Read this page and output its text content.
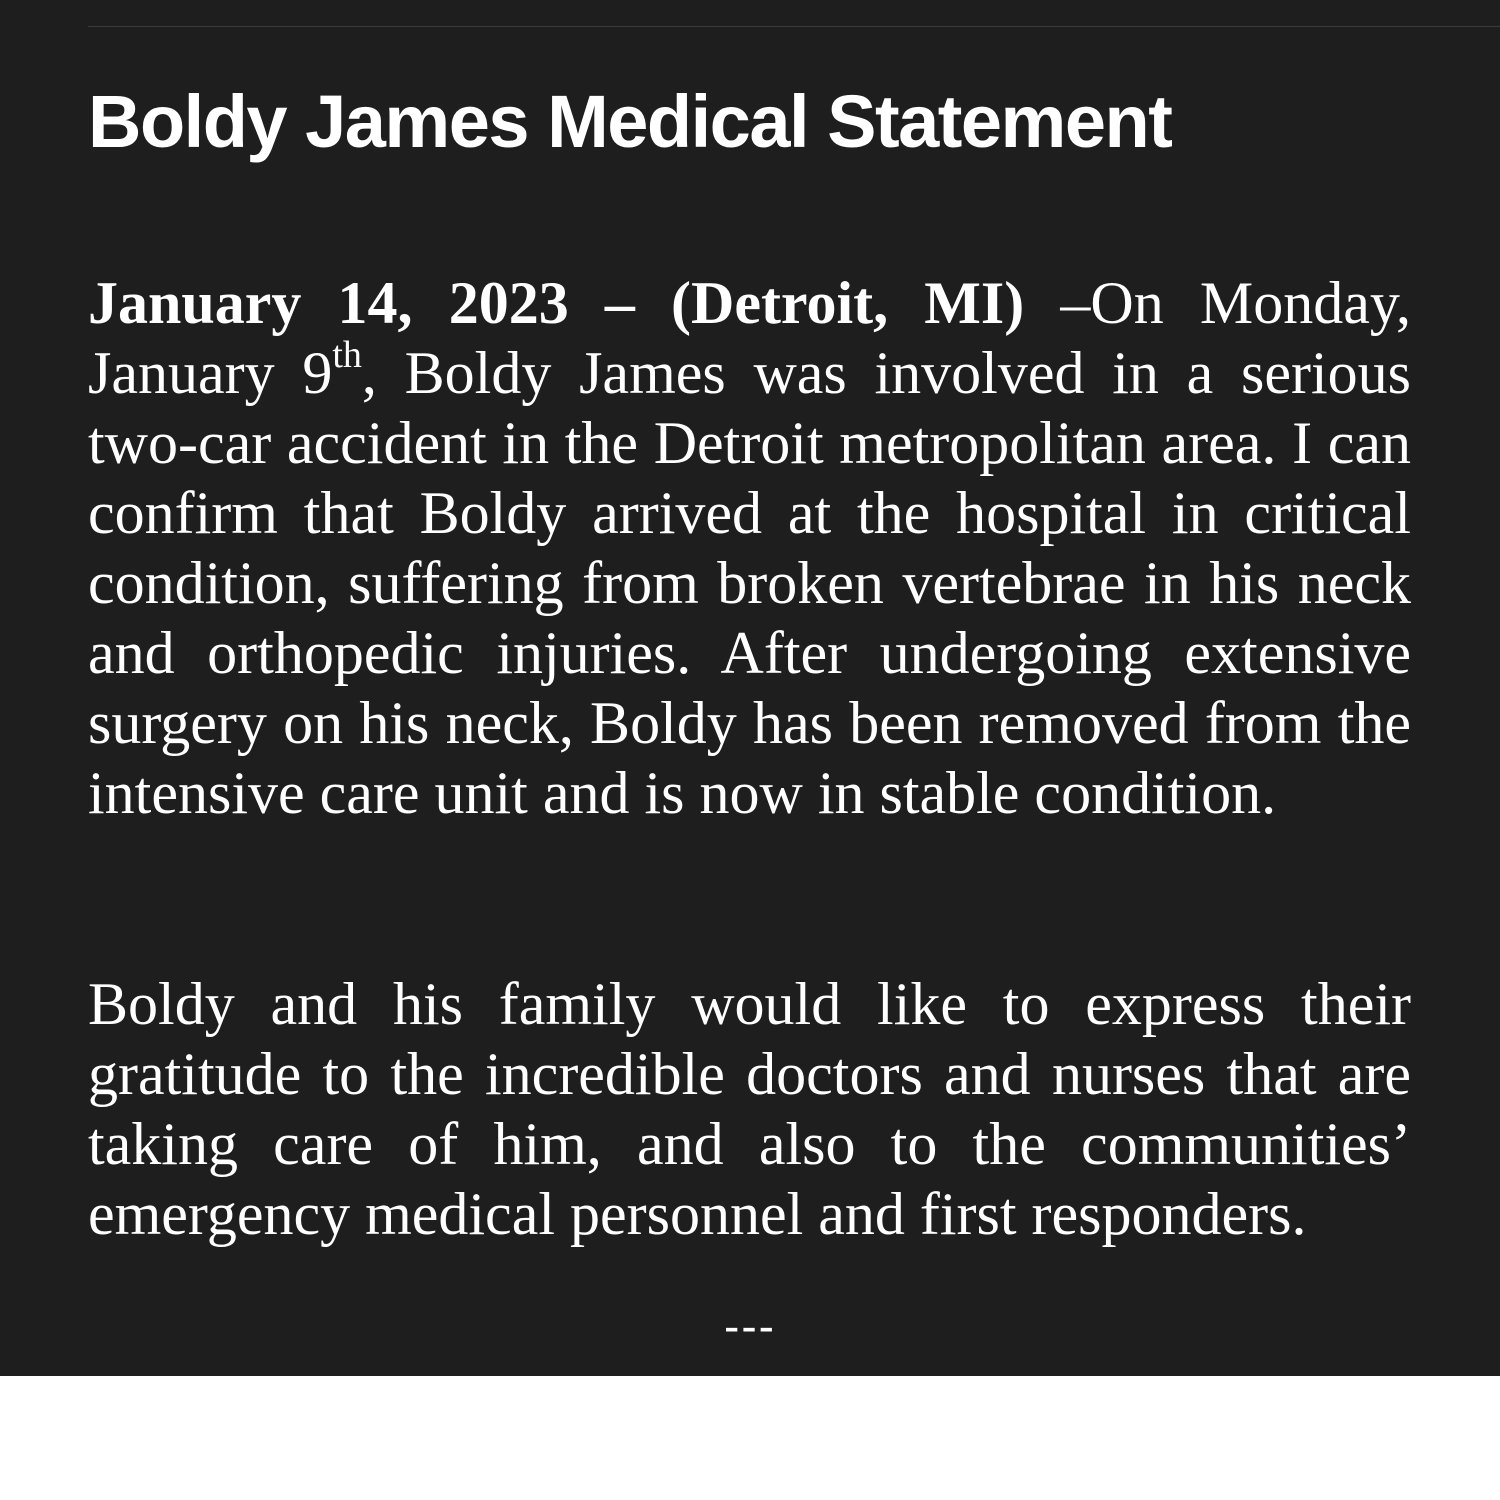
Boldy James Medical Statement

January 14, 2023 – (Detroit, MI) –On Monday, January 9th, Boldy James was involved in a serious two-car accident in the Detroit metropolitan area. I can confirm that Boldy arrived at the hospital in critical condition, suffering from broken vertebrae in his neck and orthopedic injuries. After undergoing extensive surgery on his neck, Boldy has been removed from the intensive care unit and is now in stable condition.

Boldy and his family would like to express their gratitude to the incredible doctors and nurses that are taking care of him, and also to the communities’ emergency medical personnel and first responders.

---
